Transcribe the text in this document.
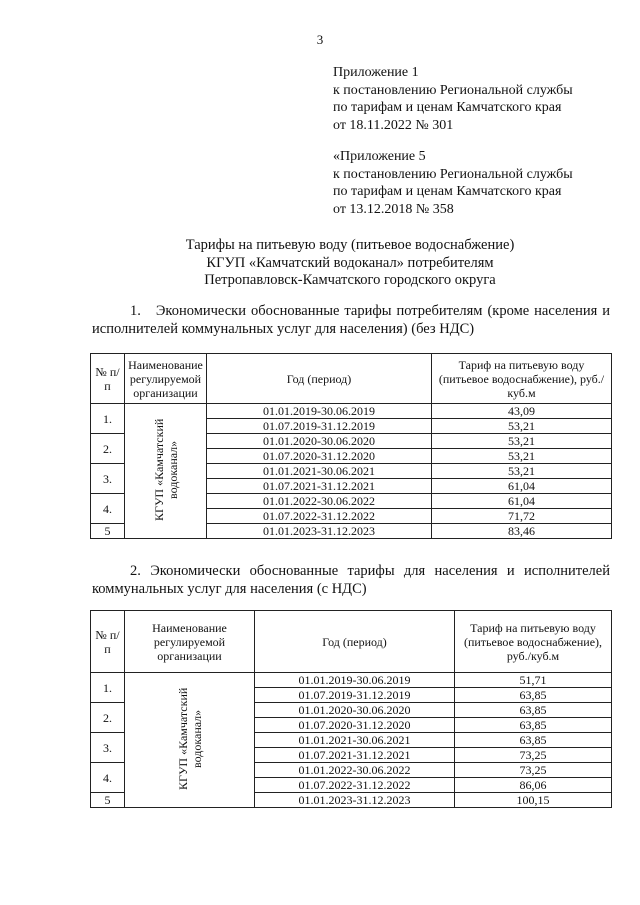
3
Приложение 1
к постановлению Региональной службы
по тарифам и ценам Камчатского края
от 18.11.2022 № 301
«Приложение 5
к постановлению Региональной службы
по тарифам и ценам Камчатского края
от 13.12.2018 № 358
Тарифы на питьевую воду (питьевое водоснабжение)
КГУП «Камчатский водоканал» потребителям
Петропавловск-Камчатского городского округа
1. Экономически обоснованные тарифы потребителям (кроме населения и исполнителей коммунальных услуг для населения) (без НДС)
№ п/п	Наименование регулируемой организации	Год (период)	Тариф на питьевую воду (питьевое водоснабжение), руб./куб.м
1.	КГУП «Камчатский водоканал»	01.01.2019-30.06.2019	43,09
		01.07.2019-31.12.2019	53,21
2.		01.01.2020-30.06.2020	53,21
		01.07.2020-31.12.2020	53,21
3.		01.01.2021-30.06.2021	53,21
		01.07.2021-31.12.2021	61,04
4.		01.01.2022-30.06.2022	61,04
		01.07.2022-31.12.2022	71,72
5		01.01.2023-31.12.2023	83,46
2. Экономически обоснованные тарифы для населения и исполнителей коммунальных услуг для населения (с НДС)
№ п/п	Наименование регулируемой организации	Год (период)	Тариф на питьевую воду (питьевое водоснабжение), руб./куб.м
1.	КГУП «Камчатский водоканал»	01.01.2019-30.06.2019	51,71
		01.07.2019-31.12.2019	63,85
2.		01.01.2020-30.06.2020	63,85
		01.07.2020-31.12.2020	63,85
3.		01.01.2021-30.06.2021	63,85
		01.07.2021-31.12.2021	73,25
4.		01.01.2022-30.06.2022	73,25
		01.07.2022-31.12.2022	86,06
5		01.01.2023-31.12.2023	100,15
